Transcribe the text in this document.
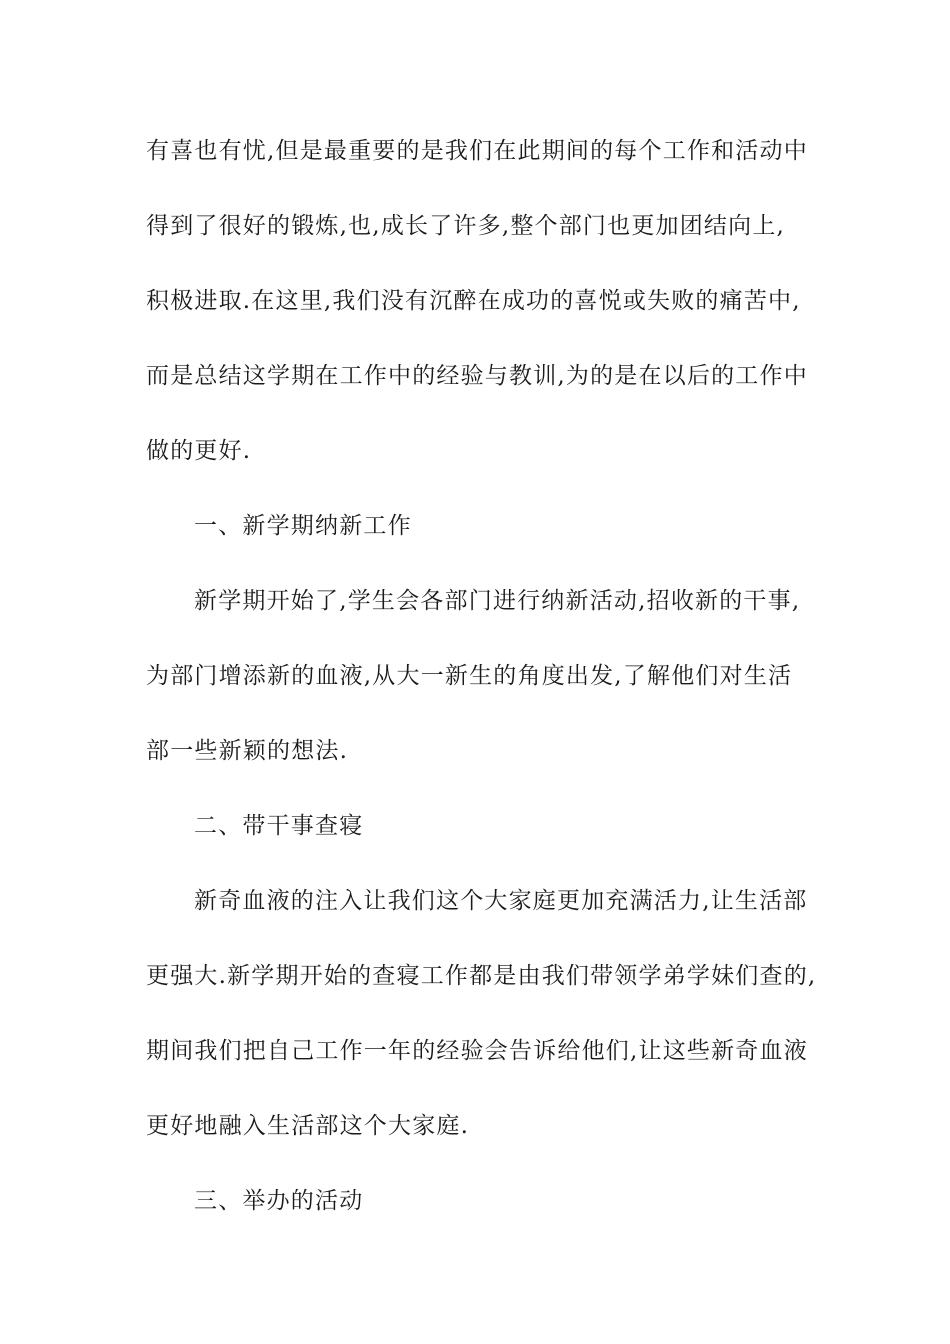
有喜也有忧,但是最重要的是我们在此期间的每个工作和活动中
得到了很好的锻炼,也,成长了许多,整个部门也更加团结向上,
积极进取.在这里,我们没有沉醉在成功的喜悦或失败的痛苦中,
而是总结这学期在工作中的经验与教训,为的是在以后的工作中
做的更好.
一、新学期纳新工作
新学期开始了,学生会各部门进行纳新活动,招收新的干事,
为部门增添新的血液,从大一新生的角度出发,了解他们对生活
部一些新颖的想法.
二、带干事查寝
新奇血液的注入让我们这个大家庭更加充满活力,让生活部
更强大.新学期开始的查寝工作都是由我们带领学弟学妹们查的,
期间我们把自己工作一年的经验会告诉给他们,让这些新奇血液
更好地融入生活部这个大家庭.
三、举办的活动
